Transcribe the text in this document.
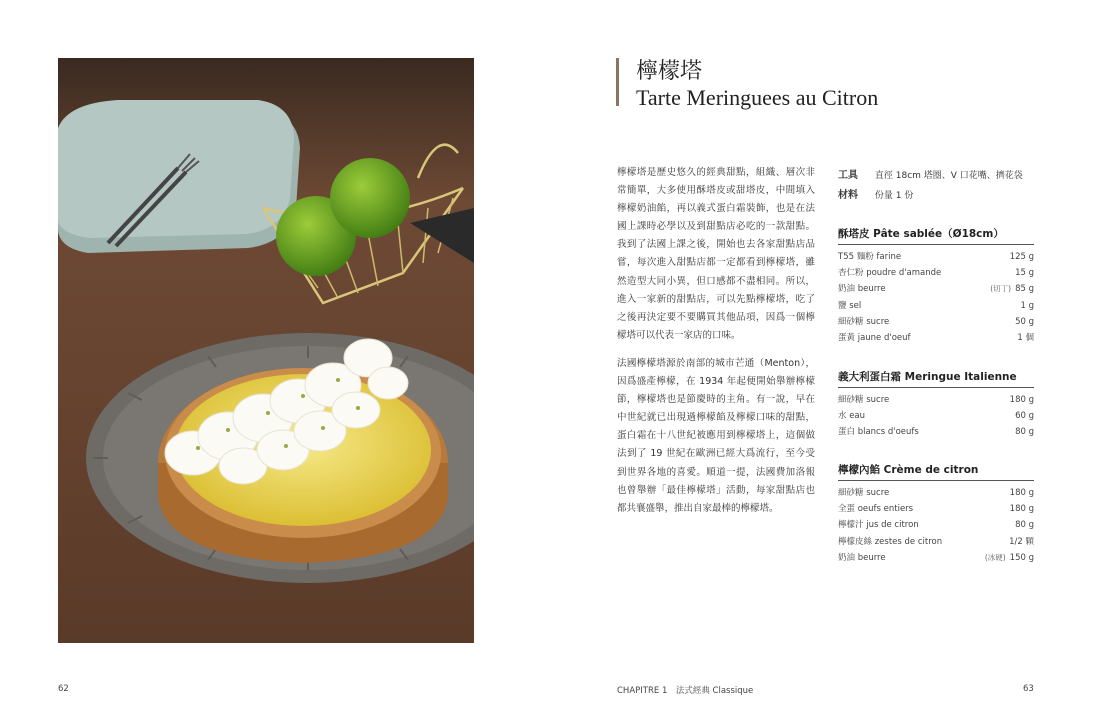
檸檬塔
Tarte Meringuees au Citron

檸檬塔是歷史悠久的經典甜點，組織、層次非常簡單，大多使用酥塔皮或甜塔皮，中間填入檸檬奶油餡，再以義式蛋白霜裝飾，也是在法國上課時必學以及到甜點店必吃的一款甜點。我到了法國上課之後，開始也去各家甜點店品嘗，每次進入甜點店都一定都看到檸檬塔，雖然造型大同小異，但口感都不盡相同。所以，進入一家新的甜點店，可以先點檸檬塔，吃了之後再決定要不要購買其他品項，因爲一個檸檬塔可以代表一家店的口味。

法國檸檬塔源於南部的城市芒通（Menton），因爲盛產檸檬，在 1934 年起便開始舉辦檸檬節，檸檬塔也是節慶時的主角。有一說，早在中世紀就已出現過檸檬餡及檸檬口味的甜點，蛋白霜在十八世紀被應用到檸檬塔上，這個做法到了 19 世紀在歐洲已經大爲流行，至今受到世界各地的喜愛。順道一提，法國費加洛報也曾舉辦「最佳檸檬塔」活動，每家甜點店也都共襄盛舉，推出自家最棒的檸檬塔。

工具 直徑 18cm 塔圈、V 口花嘴、擠花袋
材料 份量 1 份
酥塔皮 Pâte sablée（Ø18cm）
T55 麵粉 farine	125 g
杏仁粉 poudre d'amande	15 g
奶油 beurre	(切丁) 85 g
鹽 sel	1 g
細砂糖 sucre	50 g
蛋黃 jaune d'oeuf	1 個
義大利蛋白霜 Meringue Italienne
細砂糖 sucre	180 g
水 eau	60 g
蛋白 blancs d'oeufs	80 g
檸檬內餡 Crème de citron
細砂糖 sucre	180 g
全蛋 oeufs entiers	180 g
檸檬汁 jus de citron	80 g
檸檬皮絲 zestes de citron	1/2 顆
奶油 beurre	(冰硬) 150 g
62	CHAPITRE 1　法式經典 Classique	63
